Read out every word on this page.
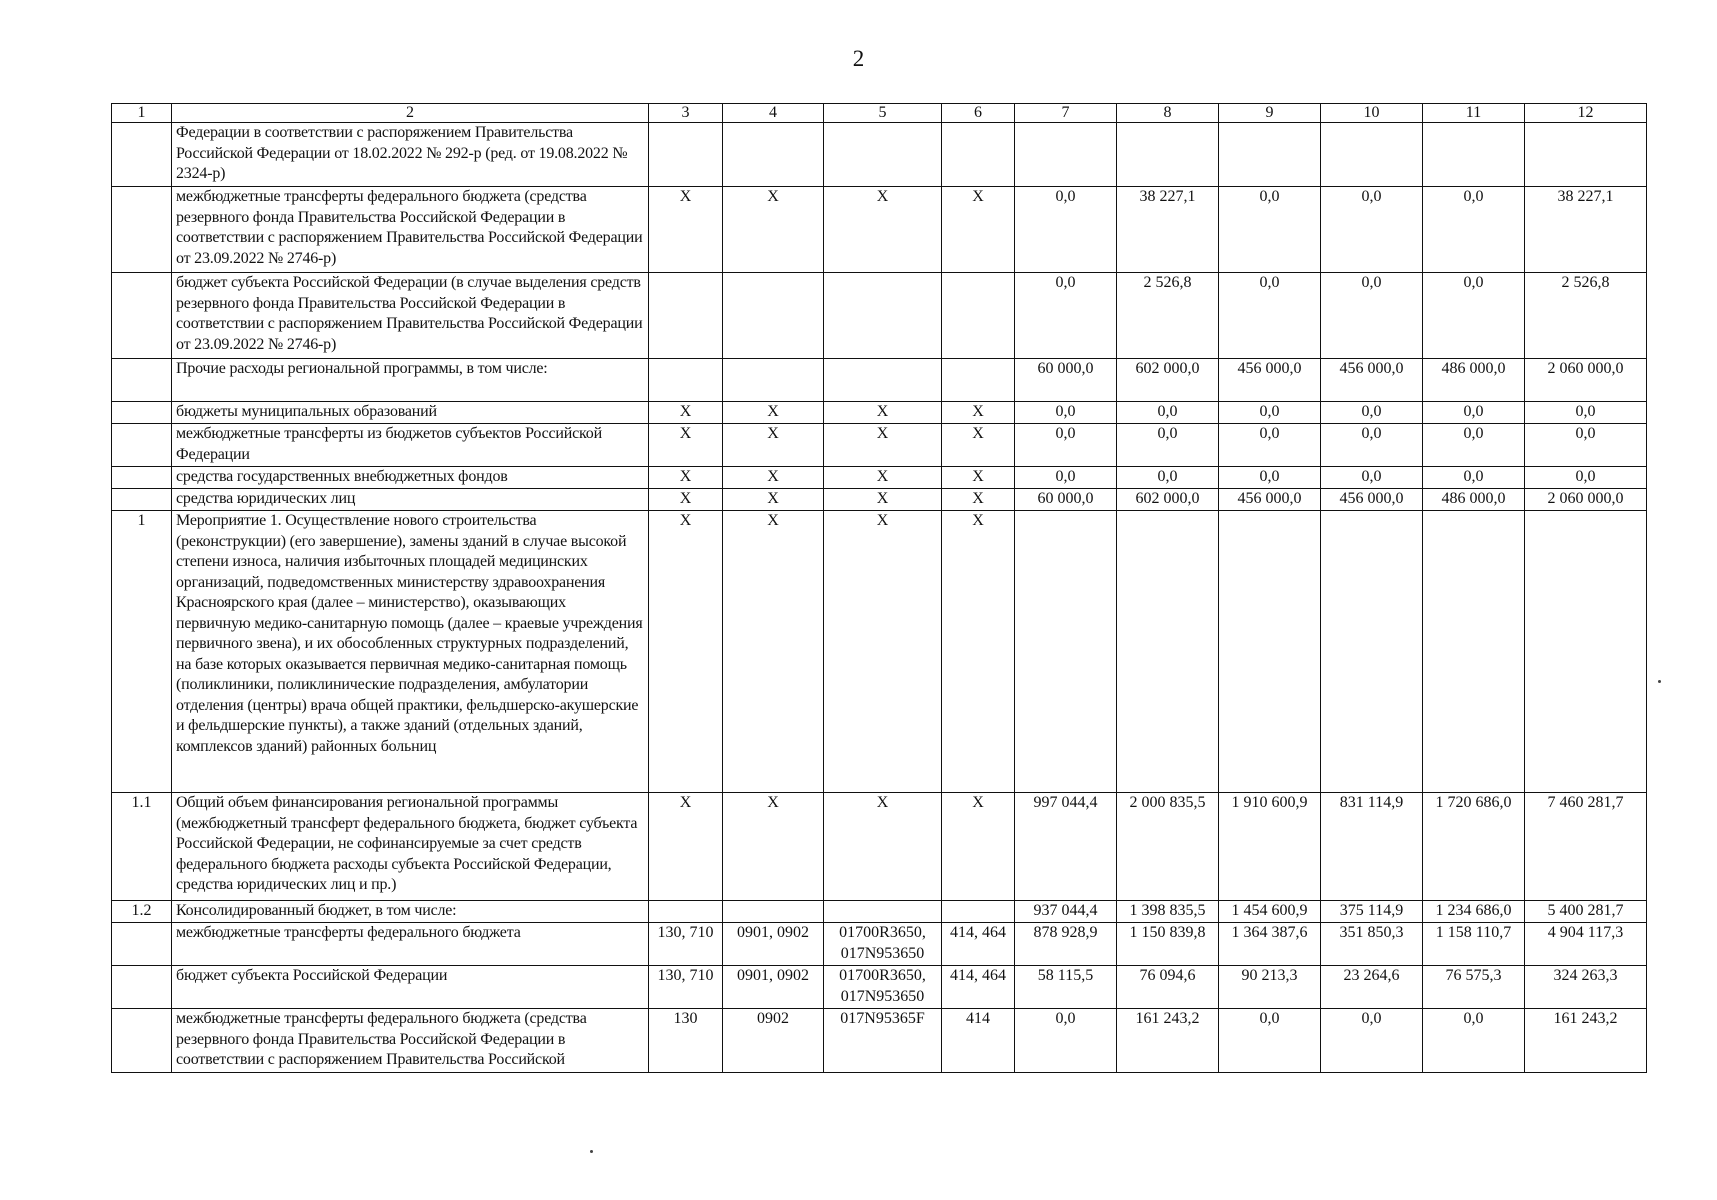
2
1	2	3	4	5	6	7	8	9	10	11	12
	Федерации в соответствии с распоряжением Правительства Российской Федерации от 18.02.2022 № 292-р (ред. от 19.08.2022 № 2324-р)										
	межбюджетные трансферты федерального бюджета (средства резервного фонда Правительства Российской Федерации в соответствии с распоряжением Правительства Российской Федерации от 23.09.2022 № 2746-р)	Х	Х	Х	Х	0,0	38 227,1	0,0	0,0	0,0	38 227,1
	бюджет субъекта Российской Федерации (в случае выделения средств резервного фонда Правительства Российской Федерации в соответствии с распоряжением Правительства Российской Федерации от 23.09.2022 № 2746-р)					0,0	2 526,8	0,0	0,0	0,0	2 526,8
	Прочие расходы региональной программы, в том числе:					60 000,0	602 000,0	456 000,0	456 000,0	486 000,0	2 060 000,0
	бюджеты муниципальных образований	Х	Х	Х	Х	0,0	0,0	0,0	0,0	0,0	0,0
	межбюджетные трансферты из бюджетов субъектов Российской Федерации	Х	Х	Х	Х	0,0	0,0	0,0	0,0	0,0	0,0
	средства государственных внебюджетных фондов	Х	Х	Х	Х	0,0	0,0	0,0	0,0	0,0	0,0
	средства юридических лиц	Х	Х	Х	Х	60 000,0	602 000,0	456 000,0	456 000,0	486 000,0	2 060 000,0
1	Мероприятие 1. Осуществление нового строительства (реконструкции) (его завершение), замены зданий в случае высокой степени износа, наличия избыточных площадей медицинских организаций, подведомственных министерству здравоохранения Красноярского края (далее – министерство), оказывающих первичную медико-санитарную помощь (далее – краевые учреждения первичного звена), и их обособленных структурных подразделений, на базе которых оказывается первичная медико-санитарная помощь (поликлиники, поликлинические подразделения, амбулатории отделения (центры) врача общей практики, фельдшерско-акушерские и фельдшерские пункты), а также зданий (отдельных зданий, комплексов зданий) районных больниц	Х	Х	Х	Х						
1.1	Общий объем финансирования региональной программы (межбюджетный трансферт федерального бюджета, бюджет субъекта Российской Федерации, не софинансируемые за счет средств федерального бюджета расходы субъекта Российской Федерации, средства юридических лиц и пр.)	Х	Х	Х	Х	997 044,4	2 000 835,5	1 910 600,9	831 114,9	1 720 686,0	7 460 281,7
1.2	Консолидированный бюджет, в том числе:					937 044,4	1 398 835,5	1 454 600,9	375 114,9	1 234 686,0	5 400 281,7
	межбюджетные трансферты федерального бюджета	130, 710	0901, 0902	01700R3650, 017N953650	414, 464	878 928,9	1 150 839,8	1 364 387,6	351 850,3	1 158 110,7	4 904 117,3
	бюджет субъекта Российской Федерации	130, 710	0901, 0902	01700R3650, 017N953650	414, 464	58 115,5	76 094,6	90 213,3	23 264,6	76 575,3	324 263,3
	межбюджетные трансферты федерального бюджета (средства резервного фонда Правительства Российской Федерации в соответствии с распоряжением Правительства Российской	130	0902	017N95365F	414	0,0	161 243,2	0,0	0,0	0,0	161 243,2
